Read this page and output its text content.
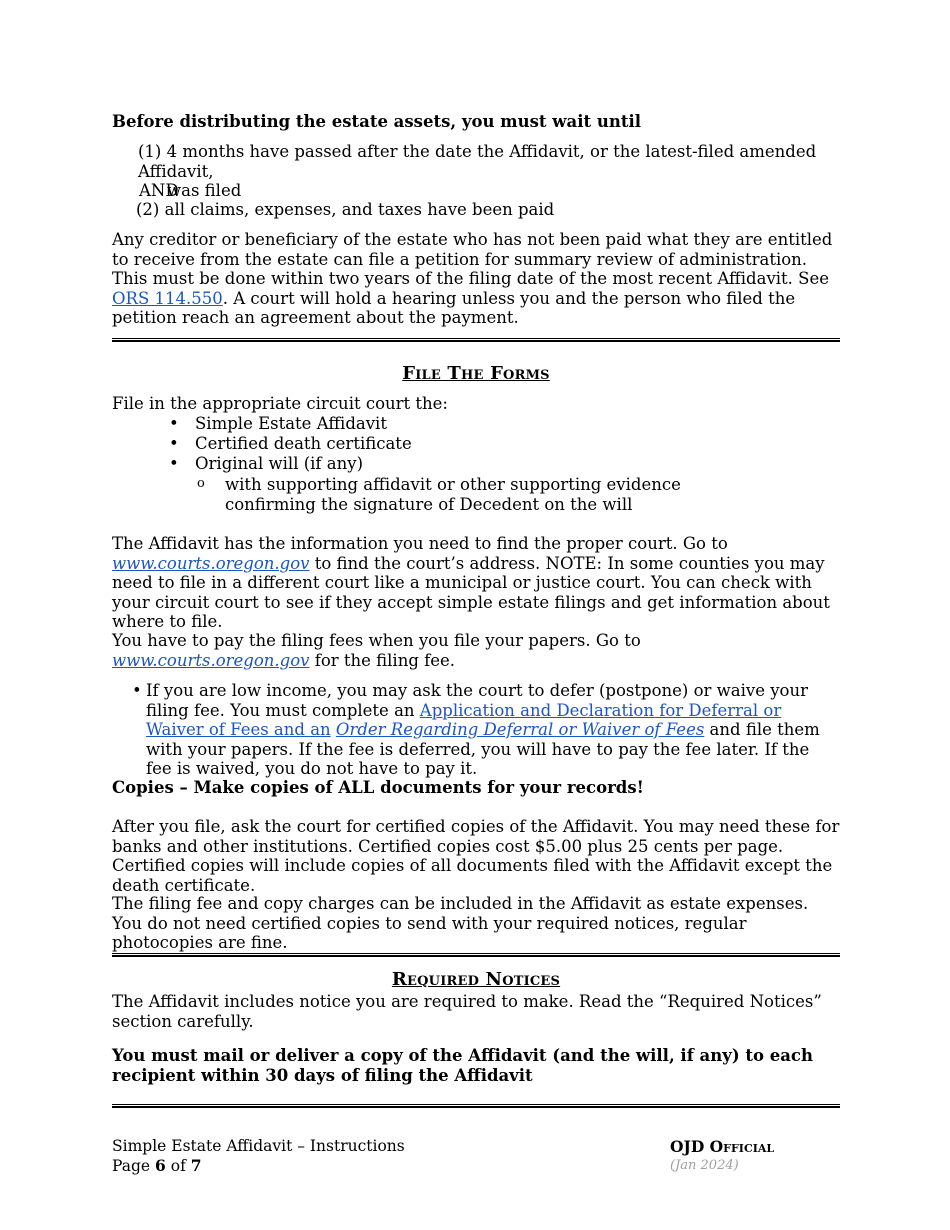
Before distributing the estate assets, you must wait until

(1) 4 months have passed after the date the Affidavit, or the latest-filed amended Affidavit,

was filed

AND

(2) all claims, expenses, and taxes have been paid

Any creditor or beneficiary of the estate who has not been paid what they are entitled to receive from the estate can file a petition for summary review of administration. This must be done within two years of the filing date of the most recent Affidavit. See ORS 114.550. A court will hold a hearing unless you and the person who filed the petition reach an agreement about the payment.

File The Forms

File in the appropriate circuit court the:

• Simple Estate Affidavit
• Certified death certificate
• Original will (if any)
o with supporting affidavit or other supporting evidence confirming the signature of Decedent on the will

The Affidavit has the information you need to find the proper court. Go to www.courts.oregon.gov to find the court’s address. NOTE: In some counties you may need to file in a different court like a municipal or justice court. You can check with your circuit court to see if they accept simple estate filings and get information about where to file.

You have to pay the filing fees when you file your papers. Go to www.courts.oregon.gov for the filing fee.

• If you are low income, you may ask the court to defer (postpone) or waive your filing fee. You must complete an Application and Declaration for Deferral or Waiver of Fees and an Order Regarding Deferral or Waiver of Fees and file them with your papers. If the fee is deferred, you will have to pay the fee later. If the fee is waived, you do not have to pay it.

Copies – Make copies of ALL documents for your records!

After you file, ask the court for certified copies of the Affidavit. You may need these for banks and other institutions. Certified copies cost $5.00 plus 25 cents per page. Certified copies will include copies of all documents filed with the Affidavit except the death certificate.

The filing fee and copy charges can be included in the Affidavit as estate expenses. You do not need certified copies to send with your required notices, regular photocopies are fine.

Required Notices

The Affidavit includes notice you are required to make. Read the “Required Notices” section carefully.

You must mail or deliver a copy of the Affidavit (and the will, if any) to each recipient within 30 days of filing the Affidavit

Simple Estate Affidavit – Instructions
Page 6 of 7
OJD Official
(Jan 2024)
